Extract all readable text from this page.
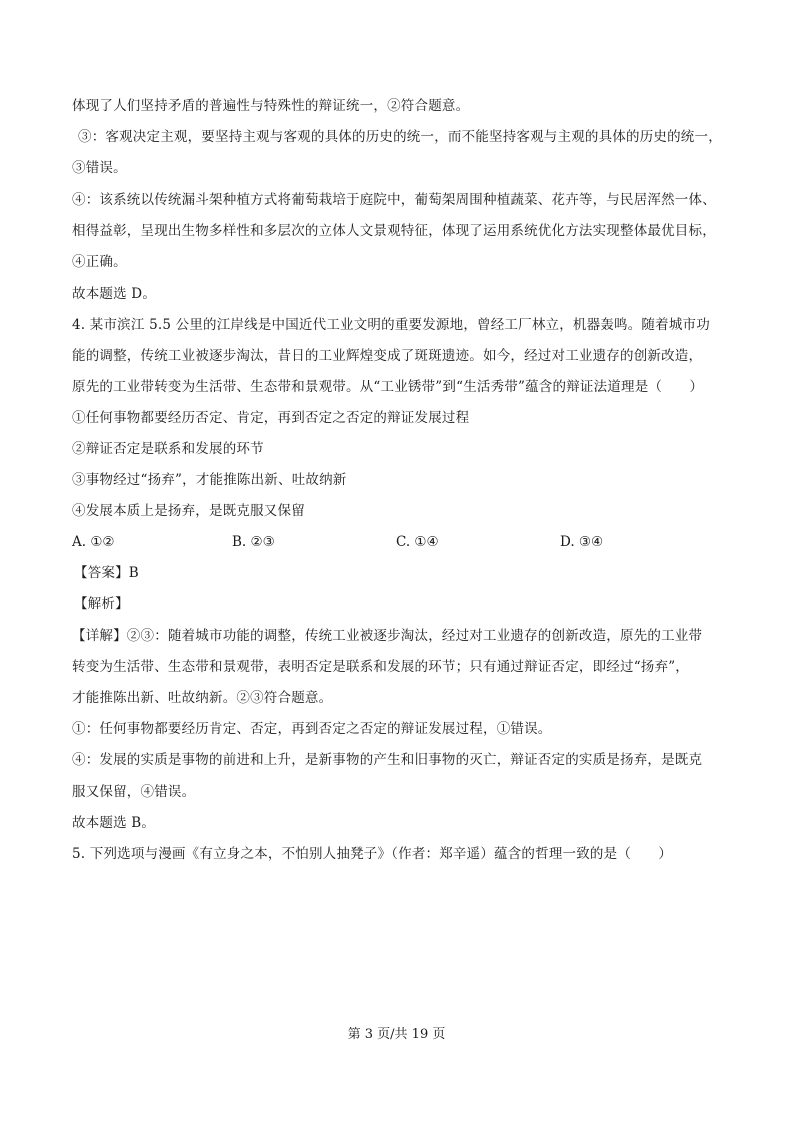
体现了人们坚持矛盾的普遍性与特殊性的辩证统一，②符合题意。
③：客观决定主观，要坚持主观与客观的具体的历史的统一，而不能坚持客观与主观的具体的历史的统一，
③错误。
④：该系统以传统漏斗架种植方式将葡萄栽培于庭院中，葡萄架周围种植蔬菜、花卉等，与民居浑然一体、
相得益彰，呈现出生物多样性和多层次的立体人文景观特征，体现了运用系统优化方法实现整体最优目标，
④正确。
故本题选 D。
4. 某市滨江 5.5 公里的江岸线是中国近代工业文明的重要发源地，曾经工厂林立，机器轰鸣。随着城市功
能的调整，传统工业被逐步淘汰，昔日的工业辉煌变成了斑斑遗迹。如今，经过对工业遗存的创新改造，
原先的工业带转变为生活带、生态带和景观带。从“工业锈带”到“生活秀带”蕴含的辩证法道理是（　　）
①任何事物都要经历否定、肯定，再到否定之否定的辩证发展过程
②辩证否定是联系和发展的环节
③事物经过“扬弃”，才能推陈出新、吐故纳新
④发展本质上是扬弃，是既克服又保留
A. ①②	B. ②③	C. ①④	D. ③④
【答案】B
【解析】
【详解】②③：随着城市功能的调整，传统工业被逐步淘汰，经过对工业遗存的创新改造，原先的工业带
转变为生活带、生态带和景观带，表明否定是联系和发展的环节；只有通过辩证否定，即经过“扬弃”，
才能推陈出新、吐故纳新。②③符合题意。
①：任何事物都要经历肯定、否定，再到否定之否定的辩证发展过程，①错误。
④：发展的实质是事物的前进和上升，是新事物的产生和旧事物的灭亡，辩证否定的实质是扬弃，是既克
服又保留，④错误。
故本题选 B。
5. 下列选项与漫画《有立身之本，不怕别人抽凳子》（作者：郑辛遥）蕴含的哲理一致的是（　　）
第 3 页/共 19 页
